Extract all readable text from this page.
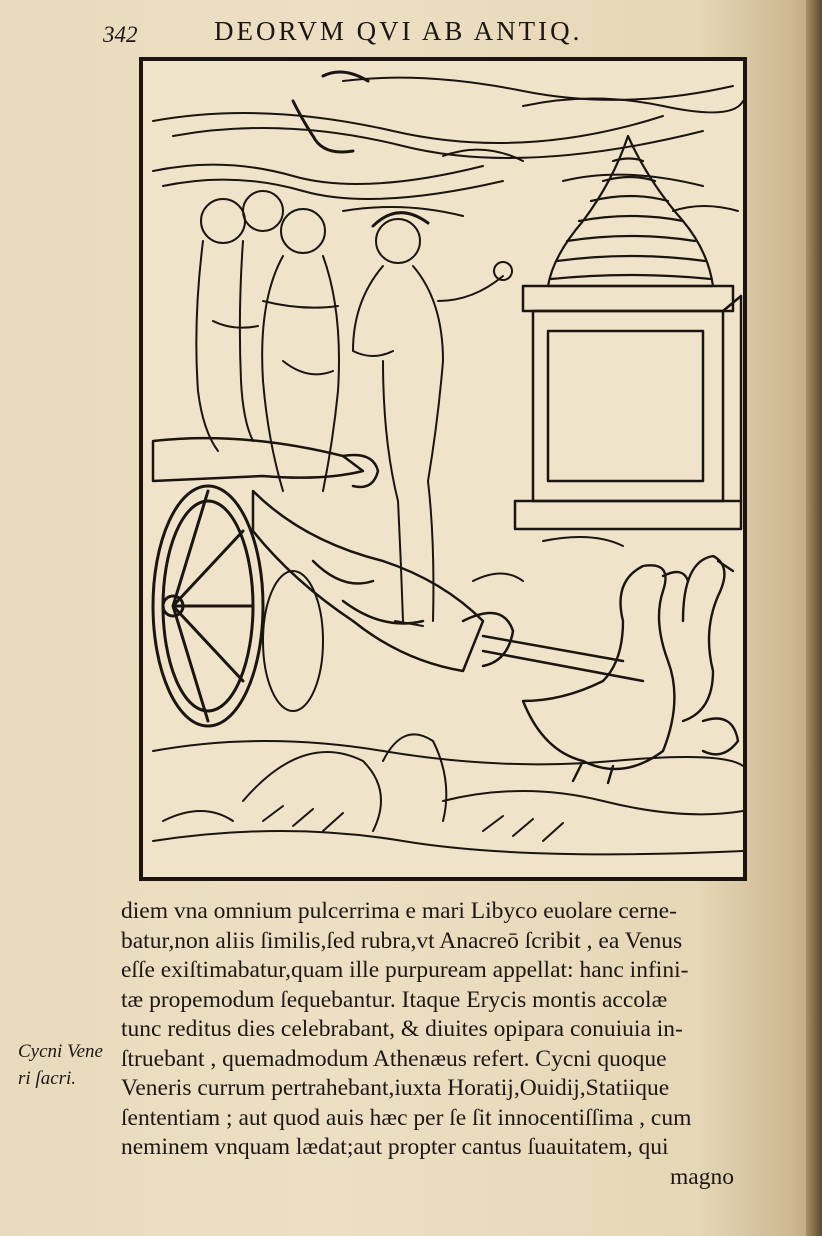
342	DEORVM QVI AB ANTIQ.
diem vna omnium pulcerrima e mari Libyco euolare cerne-
batur,non aliis ſimilis,ſed rubra,vt Anacreō ſcribit , ea Venus
eſſe exiſtimabatur,quam ille purpuream appellat: hanc infini-
tæ propemodum ſequebantur. Itaque Erycis montis accolæ
tunc reditus dies celebrabant, & diuites opipara conuiuia in-
ſtruebant , quemadmodum Athenæus refert. Cycni quoque
Veneris currum pertrahebant,iuxta Horatij,Ouidij,Statiique
ſententiam ; aut quod auis hæc per ſe ſit innocentiſſima , cum
neminem vnquam lædat;aut propter cantus ſuauitatem, qui
magno
Cycni Vene
ri ſacri.
